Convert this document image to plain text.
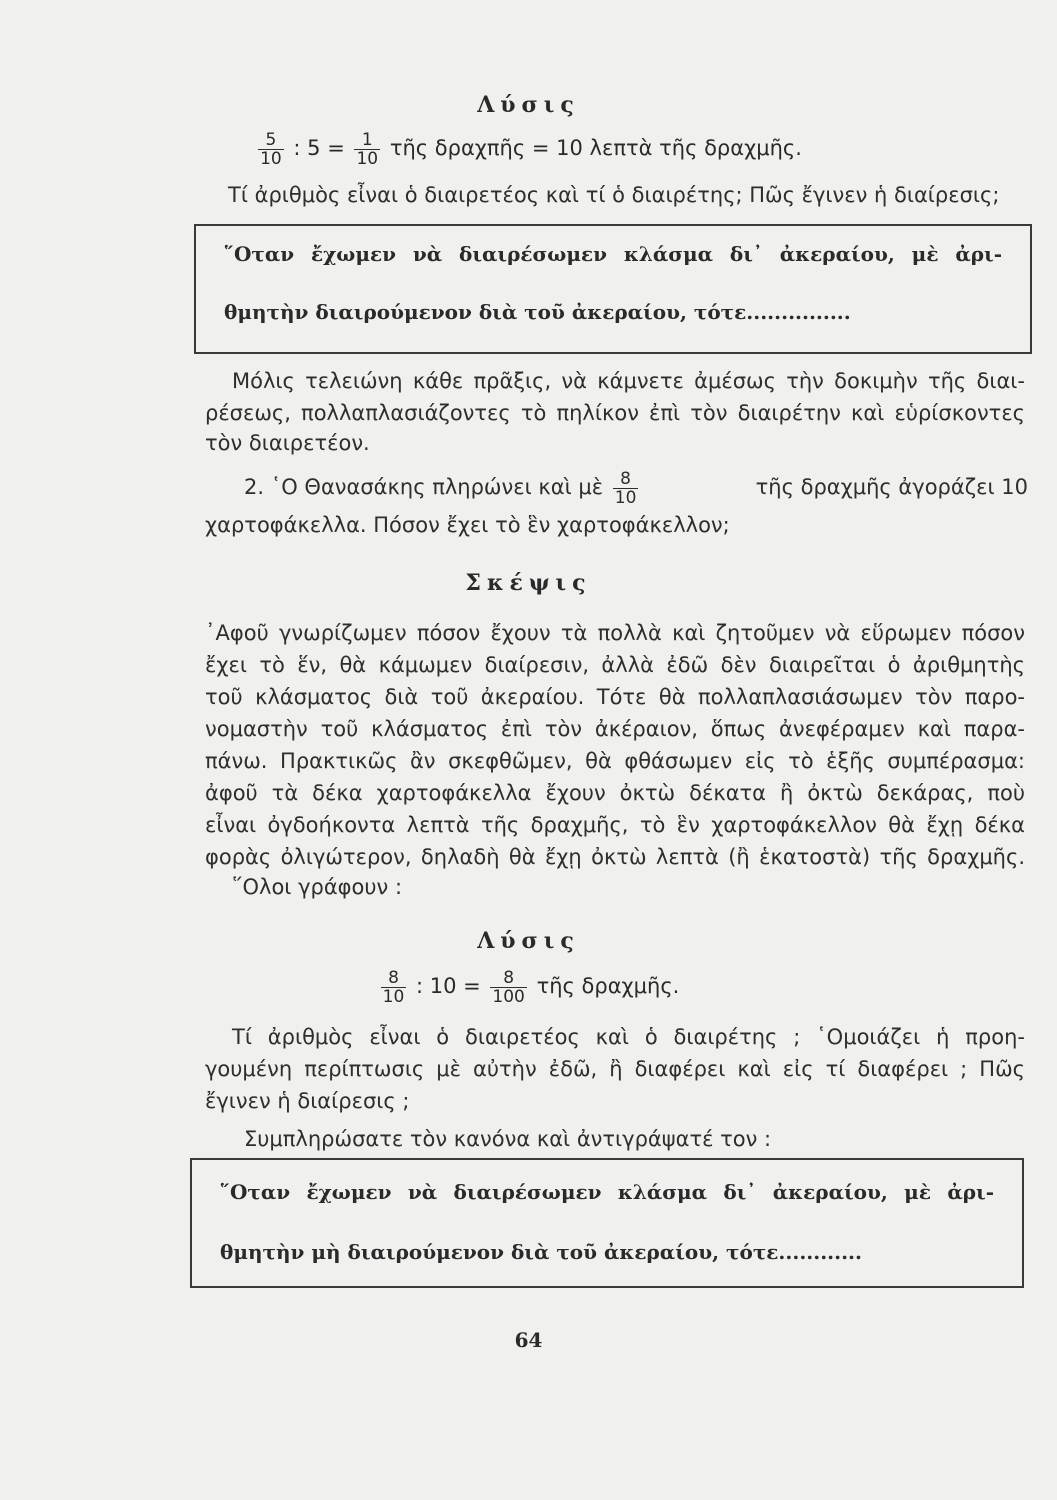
Λύσις
$\frac{5}{10}$ : $5 = \frac{1}{10}$ τῆς δραχπῆς = 10 λεπτὰ τῆς δραχμῆς.
Τί ἀριθμὸς εἶναι ὁ διαιρετέος καὶ τί ὁ διαιρέτης; Πῶς ἔγινεν ἡ διαίρεσις;
῞Οταν ἔχωμεν νὰ διαιρέσωμεν κλάσμα δι᾿ ἀκεραίου, μὲ ἀρι-
θμητὴν διαιρούμενον διὰ τοῦ ἀκεραίου, τότε...............
Μόλις τελειώνη κάθε πρᾶξις, νὰ κάμνετε ἀμέσως τὴν δοκιμὴν τῆς διαι-
ρέσεως, πολλαπλασιάζοντες τὸ πηλίκον ἐπὶ τὸν διαιρέτην καὶ εὑρίσκοντες
τὸν διαιρετέον.
2. ῾Ο Θανασάκης πληρώνει καὶ μὲ $\frac{8}{10}$	τῆς δραχμῆς ἀγοράζει 10
χαρτοφάκελλα. Πόσον ἔχει τὸ ἓν χαρτοφάκελλον;
Σκέψις
᾿Αφοῦ γνωρίζωμεν πόσον ἔχουν τὰ πολλὰ καὶ ζητοῦμεν νὰ εὕρωμεν πόσον
ἔχει τὸ ἕν, θὰ κάμωμεν διαίρεσιν, ἀλλὰ ἐδῶ δὲν διαιρεῖται ὁ ἀριθμητὴς
τοῦ κλάσματος διὰ τοῦ ἀκεραίου. Τότε θὰ πολλαπλασιάσωμεν τὸν παρο-
νομαστὴν τοῦ κλάσματος ἐπὶ τὸν ἀκέραιον, ὅπως ἀνεφέραμεν καὶ παρα-
πάνω. Πρακτικῶς ἂν σκεφθῶμεν, θὰ φθάσωμεν εἰς τὸ ἑξῆς συμπέρασμα:
ἀφοῦ τὰ δέκα χαρτοφάκελλα ἔχουν ὀκτὼ δέκατα ἢ ὀκτὼ δεκάρας, ποὺ
εἶναι ὀγδοήκοντα λεπτὰ τῆς δραχμῆς, τὸ ἓν χαρτοφάκελλον θὰ ἔχῃ δέκα
φορὰς ὀλιγώτερον, δηλαδὴ θὰ ἔχῃ ὀκτὼ λεπτὰ (ἢ ἑκατοστὰ) τῆς δραχμῆς.
῞Ολοι γράφουν :
Λύσις
$\frac{8}{10}$ : $10 = \frac{8}{100}$ τῆς δραχμῆς.
Τί ἀριθμὸς εἶναι ὁ διαιρετέος καὶ ὁ διαιρέτης ; ῾Ομοιάζει ἡ προη-
γουμένη περίπτωσις μὲ αὐτὴν ἐδῶ, ἢ διαφέρει καὶ εἰς τί διαφέρει ; Πῶς
ἔγινεν ἡ διαίρεσις ;
Συμπληρώσατε τὸν κανόνα καὶ ἀντιγράψατέ τον :
῞Οταν ἔχωμεν νὰ διαιρέσωμεν κλάσμα δι᾿ ἀκεραίου, μὲ ἀρι-
θμητὴν μὴ διαιρούμενον διὰ τοῦ ἀκεραίου, τότε............
64
